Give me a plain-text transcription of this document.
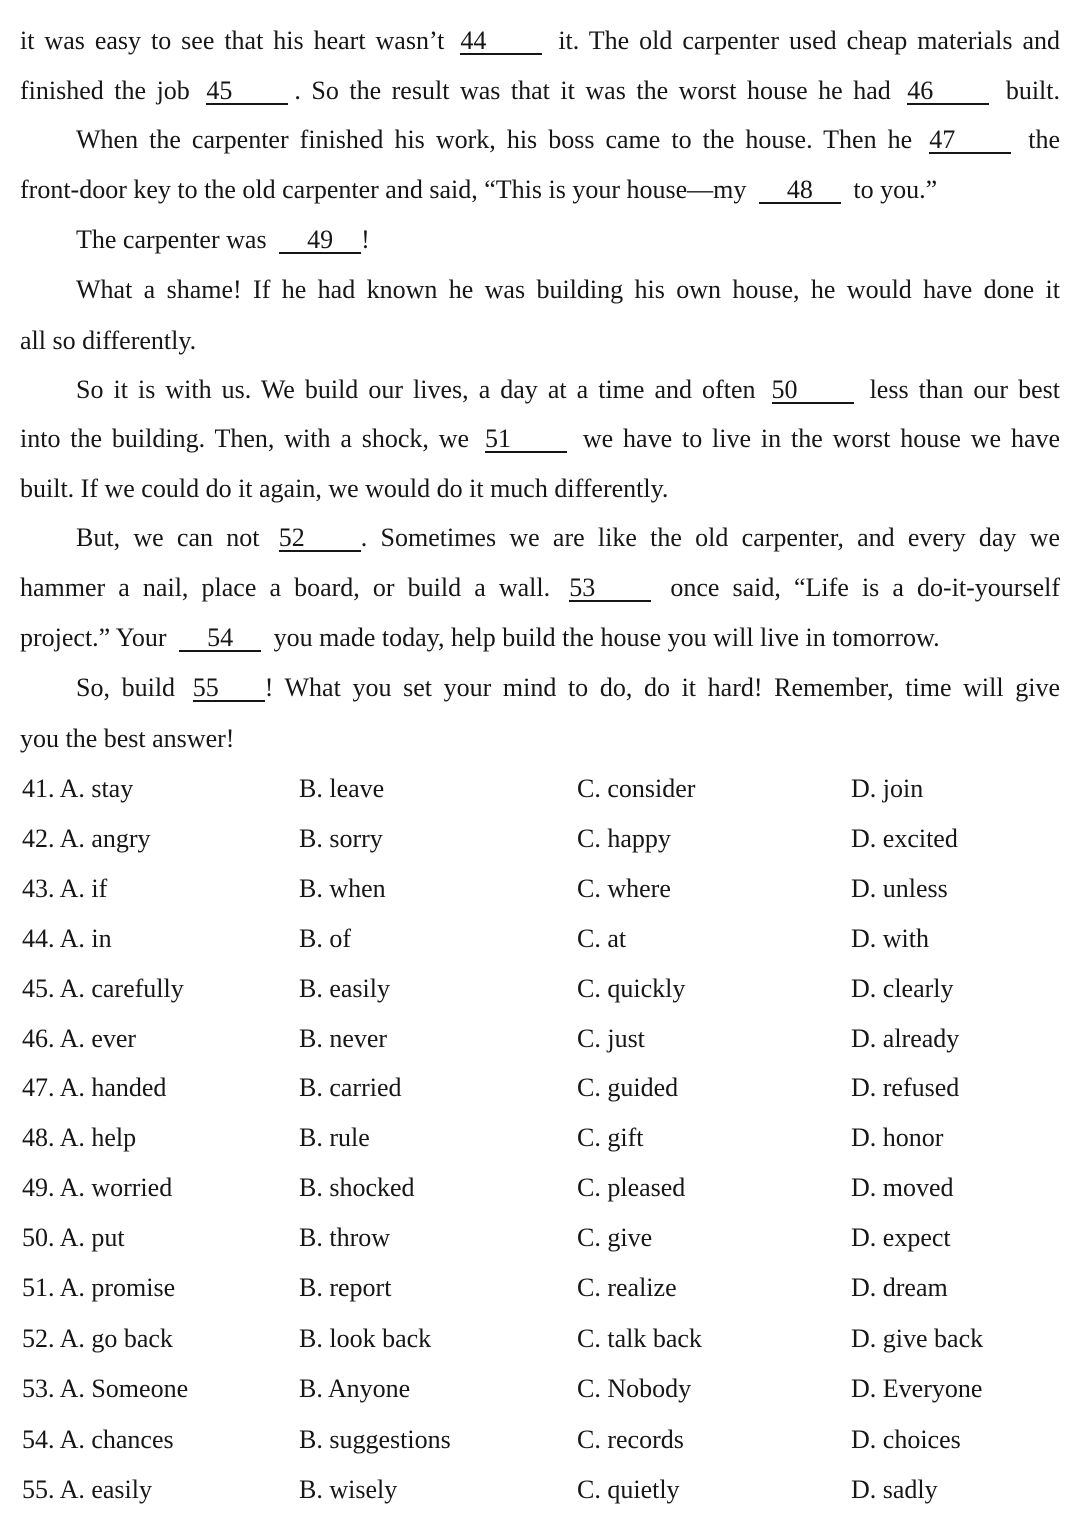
it was easy to see that his heart wasn’t 44	it. The old carpenter used cheap materials and
finished the job 45 . So the result was that it was the worst house he had 46	built.
When the carpenter finished his work, his boss came to the house. Then he 47	the
front-door key to the old carpenter and said, “This is your house—my 48 to you.”
The carpenter was 49 !
What a shame! If he had known he was building his own house, he would have done it
all so differently.
So it is with us. We build our lives, a day at a time and often 50	less than our best
into the building. Then, with a shock, we 51	we have to live in the worst house we have
built. If we could do it again, we would do it much differently.
But, we can not 52 . Sometimes we are like the old carpenter, and every day we
hammer a nail, place a board, or build a wall. 53	once said, “Life is a do-it-yourself
project.” Your 54 you made today, help build the house you will live in tomorrow.
So, build 55 ! What you set your mind to do, do it hard! Remember, time will give
you the best answer!
41. A. stay	B. leave	C. consider	D. join
42. A. angry	B. sorry	C. happy	D. excited
43. A. if	B. when	C. where	D. unless
44. A. in	B. of	C. at	D. with
45. A. carefully	B. easily	C. quickly	D. clearly
46. A. ever	B. never	C. just	D. already
47. A. handed	B. carried	C. guided	D. refused
48. A. help	B. rule	C. gift	D. honor
49. A. worried	B. shocked	C. pleased	D. moved
50. A. put	B. throw	C. give	D. expect
51. A. promise	B. report	C. realize	D. dream
52. A. go back	B. look back	C. talk back	D. give back
53. A. Someone	B. Anyone	C. Nobody	D. Everyone
54. A. chances	B. suggestions	C. records	D. choices
55. A. easily	B. wisely	C. quietly	D. sadly
